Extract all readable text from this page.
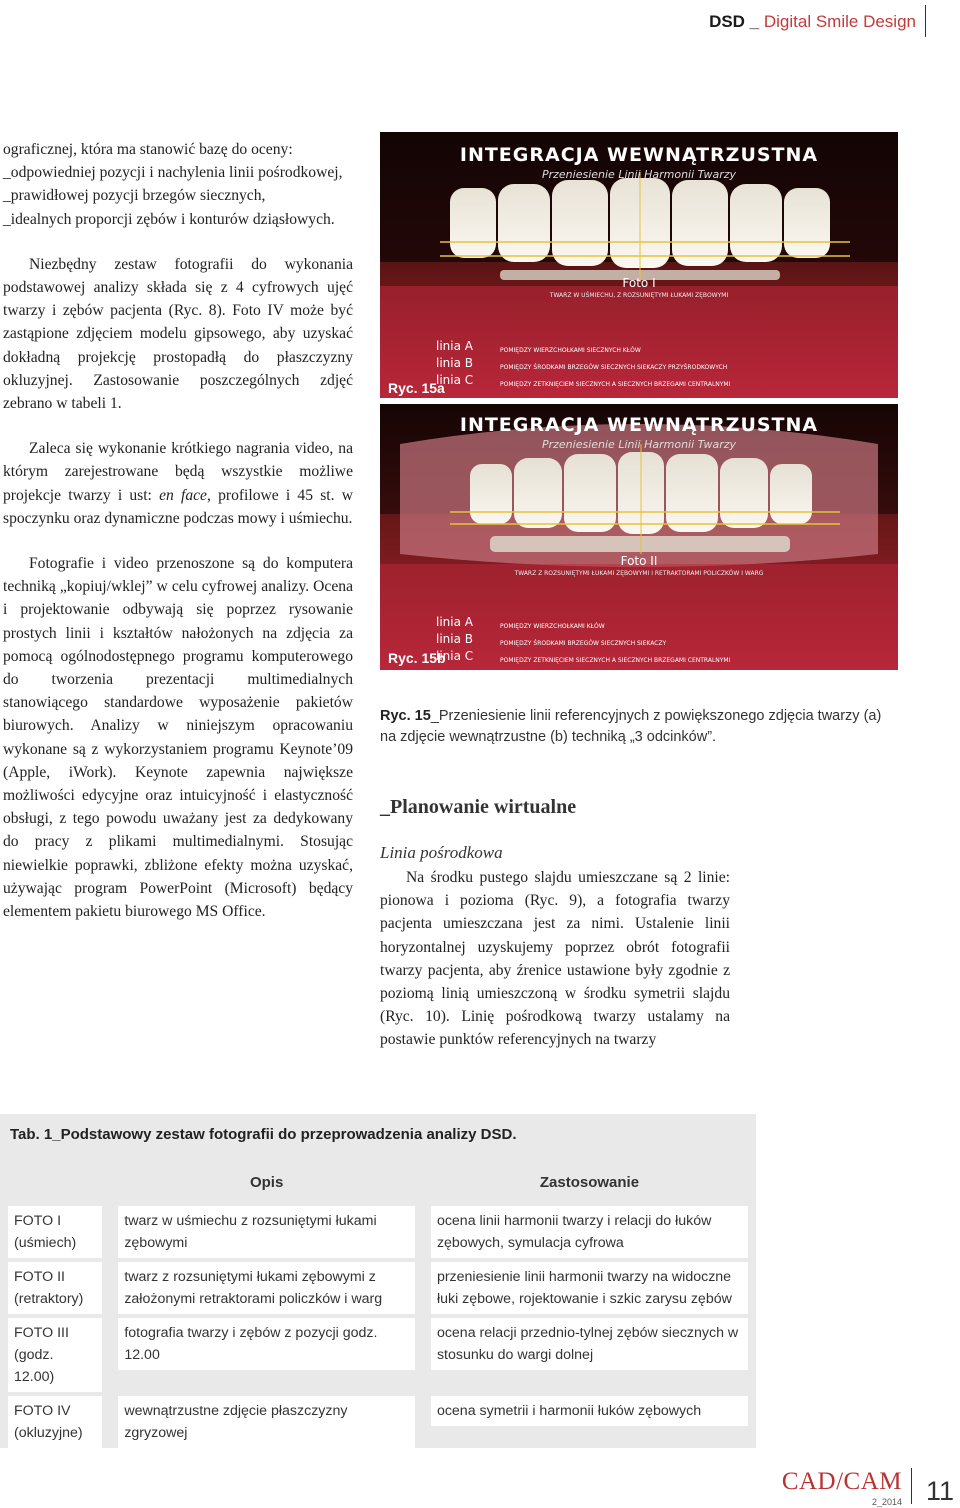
DSD _ Digital Smile Design

ograficznej, która ma stanowić bazę do oceny:

_odpowiedniej pozycji i nachylenia linii pośrodkowej,

_prawidłowej pozycji brzegów siecznych,

_idealnych proporcji zębów i konturów dziąsłowych.

Niezbędny zestaw fotografii do wykonania podstawowej analizy składa się z 4 cyfrowych ujęć twarzy i zębów pacjenta (Ryc. 8). Foto IV może być zastąpione zdjęciem modelu gipsowego, aby uzyskać dokładną projekcję prostopadłą do płaszczyzny okluzyjnej. Zastosowanie poszczególnych zdjęć zebrano w tabeli 1.

Zaleca się wykonanie krótkiego nagrania video, na którym zarejestrowane będą wszystkie możliwe projekcje twarzy i ust: en face, profilowe i 45 st. w spoczynku oraz dynamiczne podczas mowy i uśmiechu.

Fotografie i video przenoszone są do komputera techniką „kopiuj/wklej” w celu cyfrowej analizy. Ocena i projektowanie odbywają się poprzez rysowanie prostych linii i kształtów nałożonych na zdjęcia za pomocą ogólnodostępnego programu komputerowego do tworzenia prezentacji multimedialnych stanowiącego standardowe wyposażenie pakietów biurowych. Analizy w niniejszym opracowaniu wykonane są z wykorzystaniem programu Keynote’09 (Apple, iWork). Keynote zapewnia największe możliwości edycyjne oraz intuicyjność i elastyczność obsługi, z tego powodu uważany jest za dedykowany do pracy z plikami multimedialnymi. Stosując niewielkie poprawki, zbliżone efekty można uzyskać, używając program PowerPoint (Microsoft) będący elementem pakietu biurowego MS Office.

INTEGRACJA WEWNĄTRZUSTNA
Przeniesienie Linii Harmonii Twarzy
Foto I
TWARZ W UŚMIECHU, Z ROZSUNIĘTYMI ŁUKAMI ZĘBOWYMI
linia A
linia B
linia C
POMIĘDZY WIERZCHOŁKAMI SIECZNYCH KŁÓW
POMIĘDZY ŚRODKAMI BRZEGÓW SIECZNYCH SIEKACZY PRZYŚRODKOWYCH
POMIĘDZY ZETKNIĘCIEM SIECZNYCH A SIECZNYCH BRZEGAMI CENTRALNYMI
Ryc. 15a
INTEGRACJA WEWNĄTRZUSTNA
Przeniesienie Linii Harmonii Twarzy
Foto II
TWARZ Z ROZSUNIĘTYMI ŁUKAMI ZĘBOWYMI I RETRAKTORAMI POLICZKÓW I WARG
linia A
linia B
linia C
POMIĘDZY WIERZCHOŁKAMI KŁÓW
POMIĘDZY ŚRODKAMI BRZEGÓW SIECZNYCH SIEKACZY
POMIĘDZY ZETKNIĘCIEM SIECZNYCH A SIECZNYCH BRZEGAMI CENTRALNYMI
Ryc. 15b
Ryc. 15_Przeniesienie linii referencyjnych z powiększonego zdjęcia twarzy (a) na zdjęcie wewnątrzustne (b) techniką „3 odcinków”.
_Planowanie wirtualne
Linia pośrodkowa

Na środku pustego slajdu umieszczane są 2 linie: pionowa i pozioma (Ryc. 9), a fotografia twarzy pacjenta umieszczana jest za nimi. Ustalenie linii horyzontalnej uzyskujemy poprzez obrót fotografii twarzy pacjenta, aby źrenice ustawione były zgodnie z poziomą linią umieszczoną w środku symetrii slajdu (Ryc. 10). Linię pośrodkową twarzy ustalamy na postawie punktów referencyjnych na twarzy

Tab. 1_Podstawowy zestaw fotografii do przeprowadzenia analizy DSD.
	Opis	Zastosowanie

FOTO I (uśmiech)	twarz w uśmiechu z rozsuniętymi łukami zębowymi	ocena linii harmonii twarzy i relacji do łuków zębowych, symulacja cyfrowa

FOTO II (retraktory)	twarz z rozsuniętymi łukami zębowymi z założonymi retraktorami policzków i warg	przeniesienie linii harmonii twarzy na widoczne łuki zębowe, rojektowanie i szkic zarysu zębów

FOTO III (godz. 12.00)	fotografia twarzy i zębów z pozycji godz. 12.00	ocena relacji przednio-tylnej zębów siecznych w stosunku do wargi dolnej

FOTO IV (okluzyjne)	wewnątrzustne zdjęcie płaszczyzny zgryzowej	ocena symetrii i harmonii łuków zębowych
CAD/CAM
2_2014 11
